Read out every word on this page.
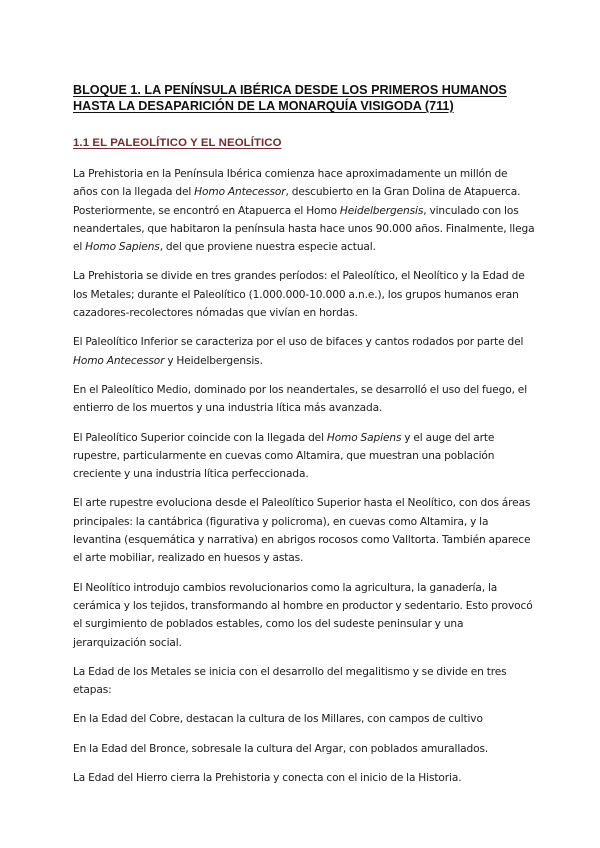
BLOQUE 1. LA PENÍNSULA IBÉRICA DESDE LOS PRIMEROS HUMANOS
HASTA LA DESAPARICIÓN DE LA MONARQUÍA VISIGODA (711)
1.1 EL PALEOLÍTICO Y EL NEOLÍTICO

La Prehistoria en la Península Ibérica comienza hace aproximadamente un millón de años con la llegada del Homo Antecessor, descubierto en la Gran Dolina de Atapuerca. Posteriormente, se encontró en Atapuerca el Homo Heidelbergensis, vinculado con los neandertales, que habitaron la península hasta hace unos 90.000 años. Finalmente, llega el Homo Sapiens, del que proviene nuestra especie actual.

La Prehistoria se divide en tres grandes períodos: el Paleolítico, el Neolítico y la Edad de los Metales; durante el Paleolítico (1.000.000-10.000 a.n.e.), los grupos humanos eran cazadores-recolectores nómadas que vivían en hordas.

El Paleolítico Inferior se caracteriza por el uso de bifaces y cantos rodados por parte del Homo Antecessor y Heidelbergensis.

En el Paleolítico Medio, dominado por los neandertales, se desarrolló el uso del fuego, el entierro de los muertos y una industria lítica más avanzada.

El Paleolítico Superior coincide con la llegada del Homo Sapiens y el auge del arte rupestre, particularmente en cuevas como Altamira, que muestran una población creciente y una industria lítica perfeccionada.

El arte rupestre evoluciona desde el Paleolítico Superior hasta el Neolítico, con dos áreas principales: la cantábrica (figurativa y policroma), en cuevas como Altamira, y la levantina (esquemática y narrativa) en abrigos rocosos como Valltorta. También aparece el arte mobiliar, realizado en huesos y astas.

El Neolítico introdujo cambios revolucionarios como la agricultura, la ganadería, la cerámica y los tejidos, transformando al hombre en productor y sedentario. Esto provocó el surgimiento de poblados estables, como los del sudeste peninsular y una jerarquización social.

La Edad de los Metales se inicia con el desarrollo del megalitismo y se divide en tres etapas:

En la Edad del Cobre, destacan la cultura de los Millares, con campos de cultivo

En la Edad del Bronce, sobresale la cultura del Argar, con poblados amurallados.

La Edad del Hierro cierra la Prehistoria y conecta con el inicio de la Historia.
